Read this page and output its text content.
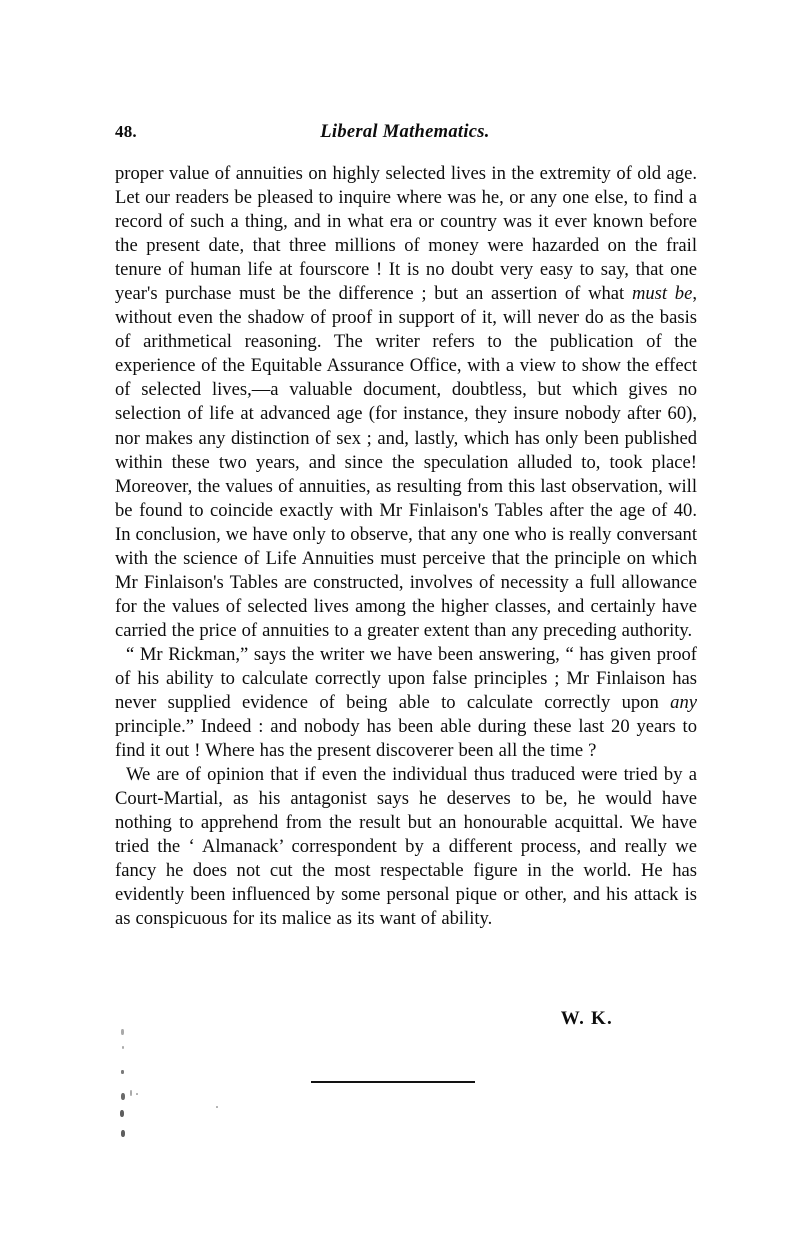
48.	Liberal Mathematics.

proper value of annuities on highly selected lives in the extremity of old age. Let our readers be pleased to inquire where was he, or any one else, to find a record of such a thing, and in what era or country was it ever known before the present date, that three millions of money were hazarded on the frail tenure of human life at fourscore ! It is no doubt very easy to say, that one year's purchase must be the difference ; but an assertion of what must be, without even the shadow of proof in support of it, will never do as the basis of arithmetical reasoning. The writer refers to the publication of the experience of the Equitable Assurance Office, with a view to show the effect of selected lives,—a valuable document, doubtless, but which gives no selection of life at advanced age (for instance, they insure nobody after 60), nor makes any distinction of sex ; and, lastly, which has only been published within these two years, and since the speculation alluded to, took place! Moreover, the values of annuities, as resulting from this last observation, will be found to coincide exactly with Mr Finlaison's Tables after the age of 40. In conclusion, we have only to observe, that any one who is really conversant with the science of Life Annuities must perceive that the principle on which Mr Finlaison's Tables are constructed, involves of necessity a full allowance for the values of selected lives among the higher classes, and certainly have carried the price of annuities to a greater extent than any preceding authority.

“ Mr Rickman,” says the writer we have been answering, “ has given proof of his ability to calculate correctly upon false principles ; Mr Finlaison has never supplied evidence of being able to calculate correctly upon any principle.” Indeed : and nobody has been able during these last 20 years to find it out ! Where has the present discoverer been all the time ?

We are of opinion that if even the individual thus traduced were tried by a Court-Martial, as his antagonist says he deserves to be, he would have nothing to apprehend from the result but an honourable acquittal. We have tried the ‘ Almanack’ correspondent by a different process, and really we fancy he does not cut the most respectable figure in the world. He has evidently been influenced by some personal pique or other, and his attack is as conspicuous for its malice as its want of ability.

W. K.
